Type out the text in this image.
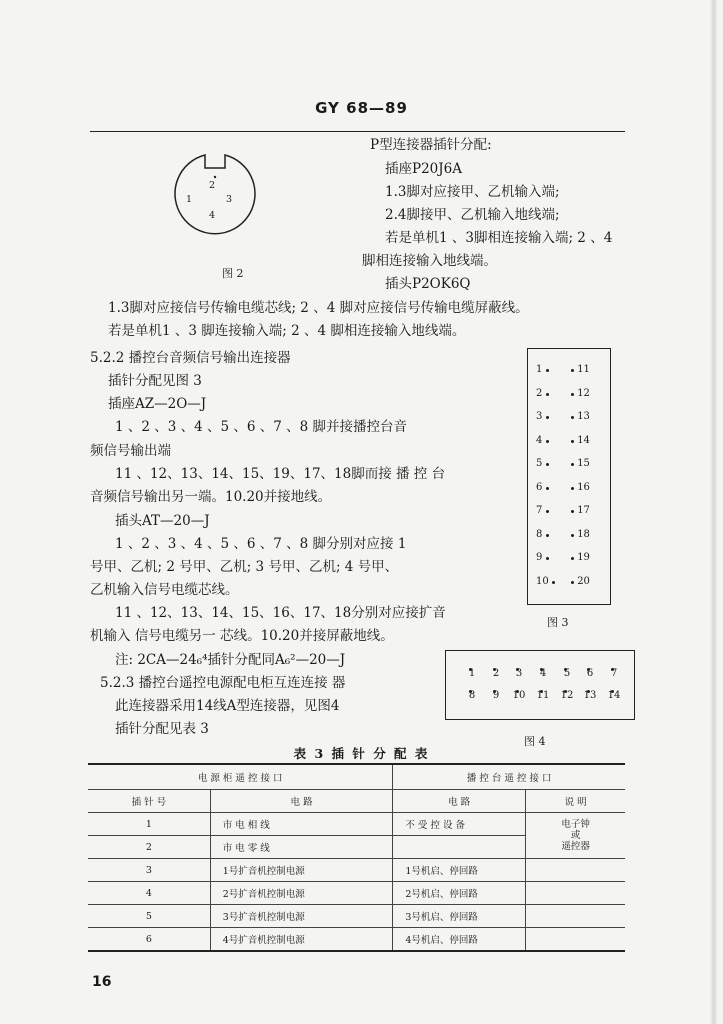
GY 68—89
2
1	3
4
图 2
P型连接器插针分配:
插座P20J6A
1.3脚对应接甲、乙机输入端;
2.4脚接甲、乙机输入地线端;
若是单机1 、3脚相连接输入端; 2 、4
脚相连接输入地线端。
插头P2OK6Q
1.3脚对应接信号传输电缆芯线; 2 、4 脚对应接信号传输电缆屏蔽线。
若是单机1 、3 脚连接输入端; 2 、4 脚相连接输入地线端。
5.2.2 播控台音频信号输出连接器
插针分配见图 3
插座AZ—2O—J
1 、2 、3 、4 、5 、6 、7 、8 脚并接播控台音
频信号输出端
11 、12、13、14、15、19、17、18脚而接 播 控 台
音频信号输出另一端。10.20并接地线。
插头AT—20—J
1 、2 、3 、4 、5 、6 、7 、8 脚分别对应接 1
号甲、乙机; 2 号甲、乙机; 3 号甲、乙机; 4 号甲、
乙机输入信号电缆芯线。
11 、12、13、14、15、16、17、18分别对应接扩音
机输入 信号电缆另一 芯线。10.20并接屏蔽地线。
注: 2CA—24₆⁴插针分配同A₆²—20—J
5.2.3 播控台遥控电源配电柜互连连接 器
此连接器采用14线A型连接器，见图4
插针分配见表 3
1	11
2	12
3	13
4	14
5	15
6	16
7	17
8	18
9	19
10	20
图 3
1	2	3	4	5	6	7
8	9	10	11	12	13	14
图 4
表 3 插 针 分 配 表
电 源 柜 遥 控 接 口		播 控 台 遥 控 接 口	
插 针 号	电 路	电 路	说 明
1	市 电 相 线	不 受 控 设 备	电子钟
或
遥控器

2	市 电 零 线		
3	1号扩音机控制电源	1号机启、停回路	
4	2号扩音机控制电源	2号机启、停回路	
5	3号扩音机控制电源	3号机启、停回路	
6	4号扩音机控制电源	4号机启、停回路	
16
